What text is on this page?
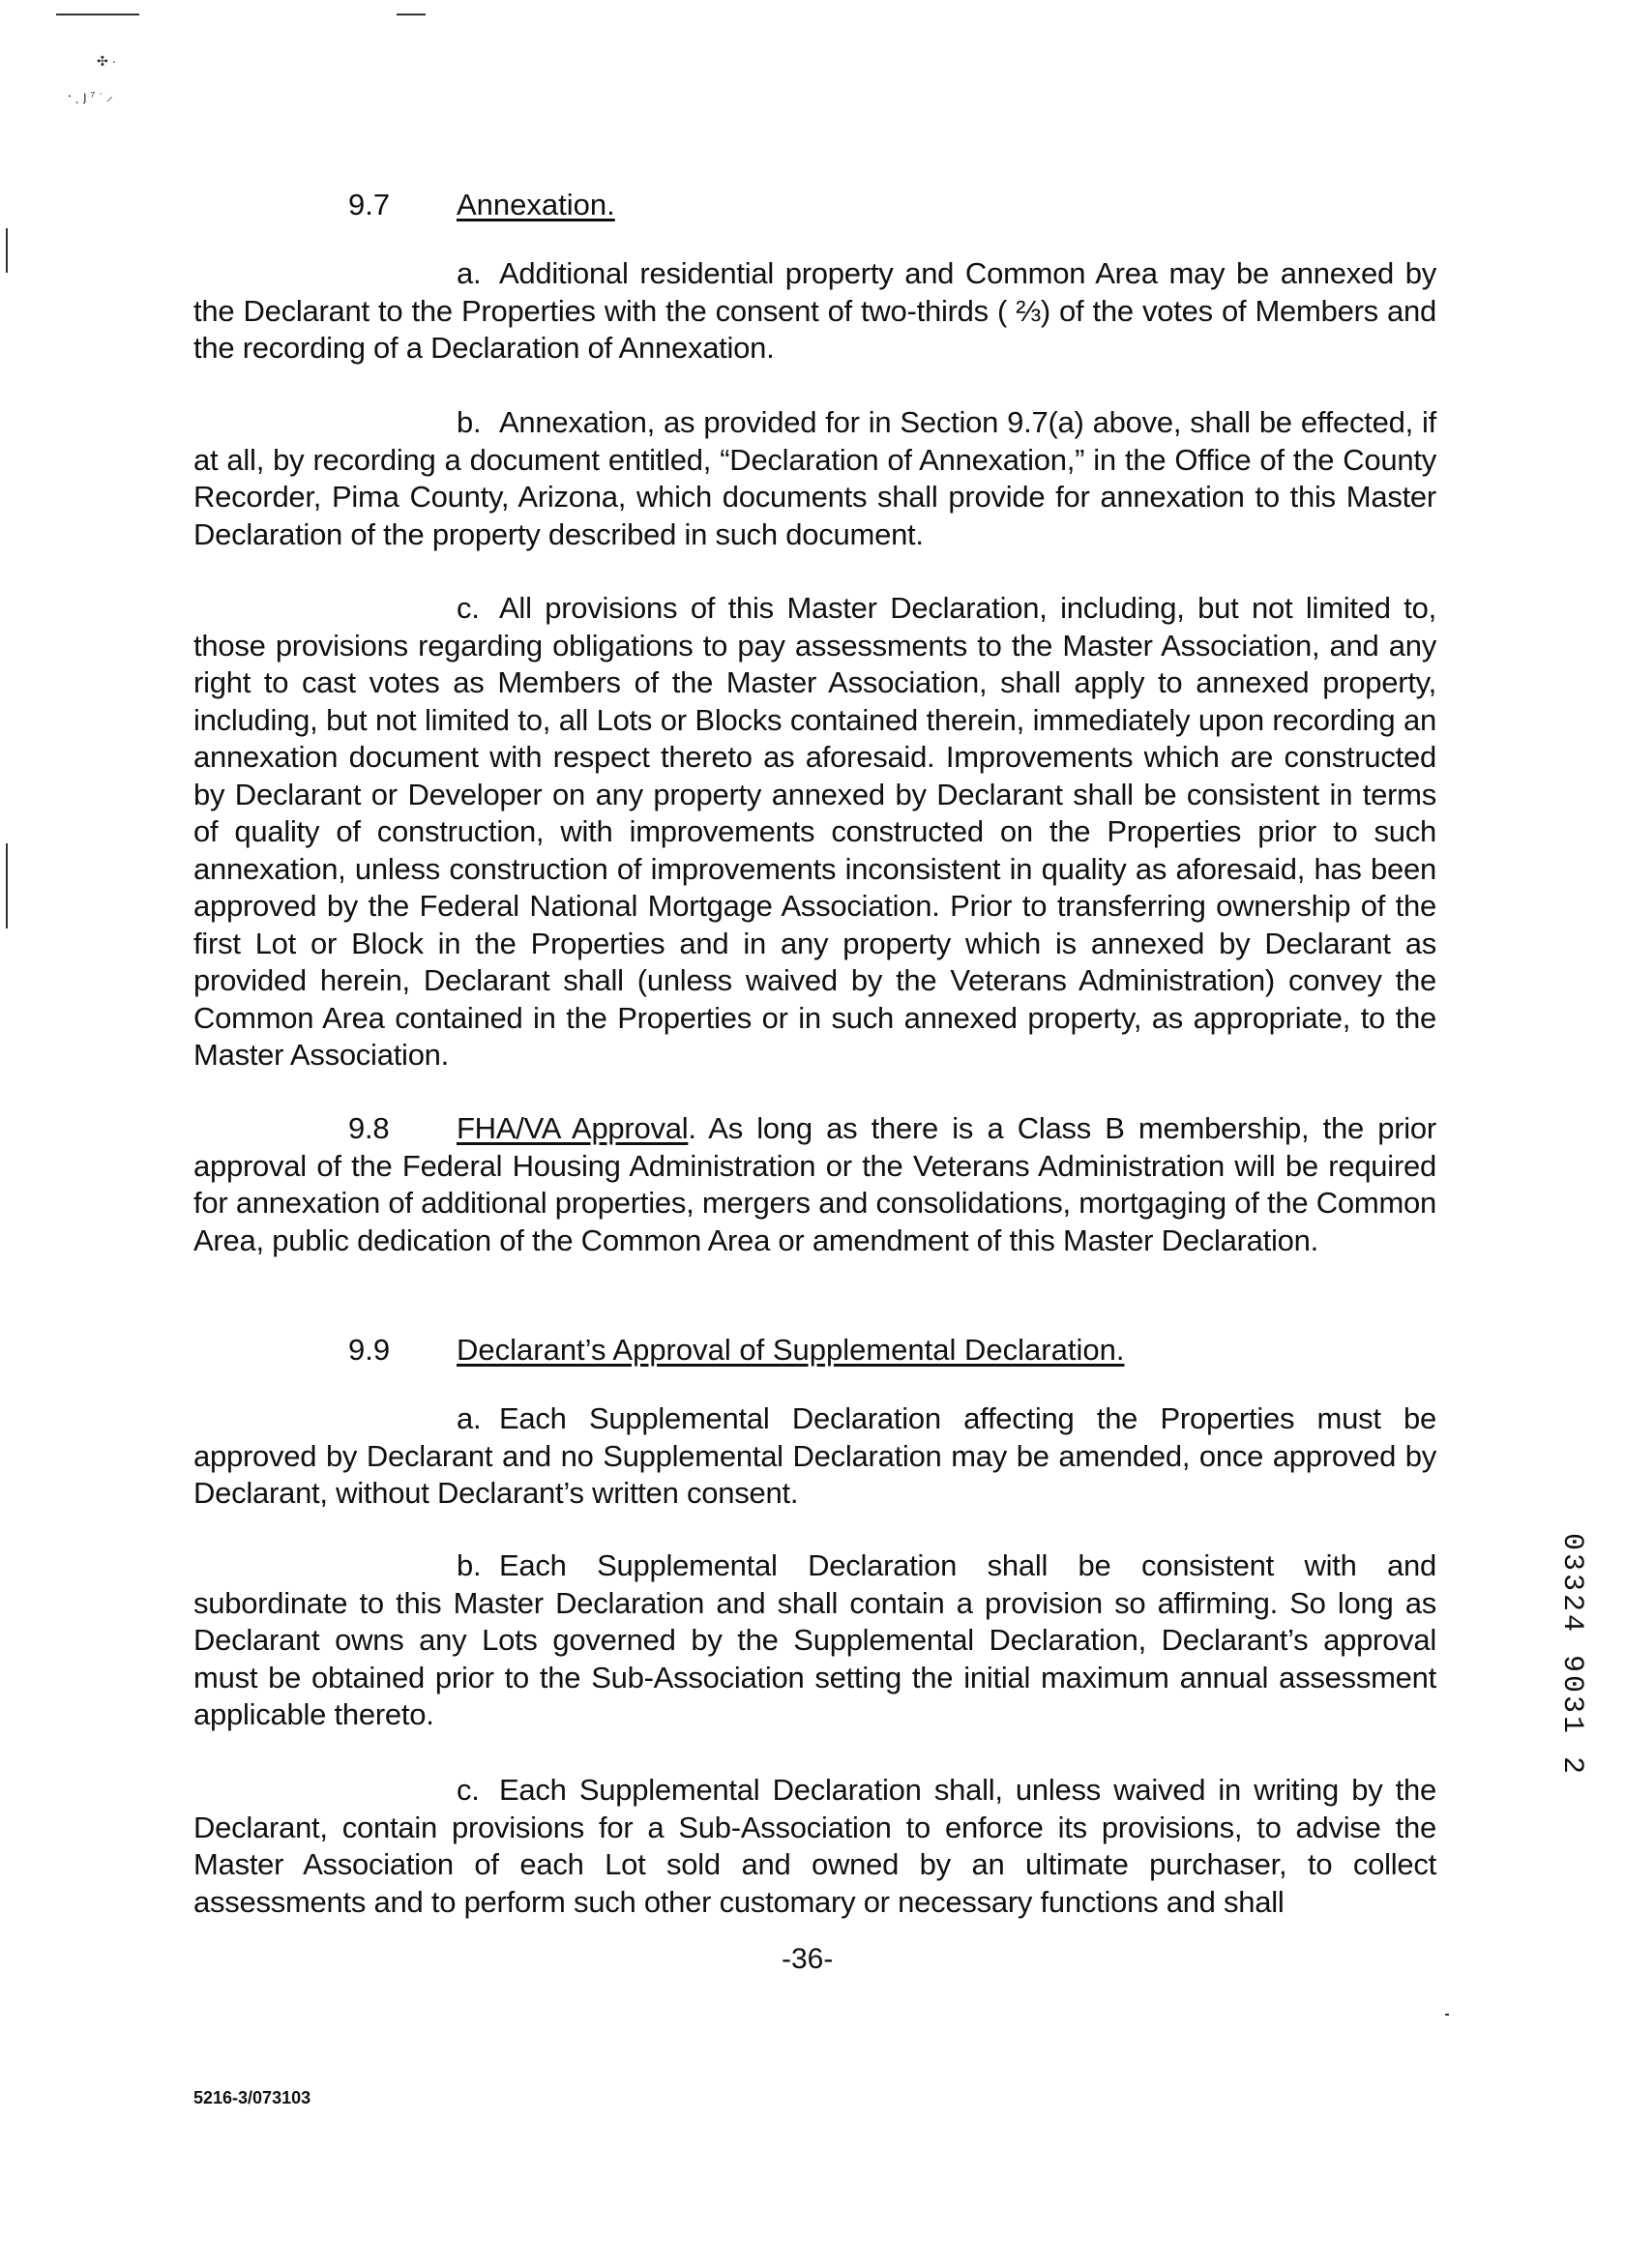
✣ ·
⸱ ˎ ȷ ⁷ ˑ ⸝
9.7 Annexation.

a. Additional residential property and Common Area may be annexed by the Declarant to the Properties with the consent of two-thirds ( ⅔) of the votes of Members and the recording of a Declaration of Annexation.

b. Annexation, as provided for in Section 9.7(a) above, shall be effected, if at all, by recording a document entitled, “Declaration of Annexation,” in the Office of the County Recorder, Pima County, Arizona, which documents shall provide for annexation to this Master Declaration of the property described in such document.

c. All provisions of this Master Declaration, including, but not limited to, those provisions regarding obligations to pay assessments to the Master Association, and any right to cast votes as Members of the Master Association, shall apply to annexed property, including, but not limited to, all Lots or Blocks contained therein, immediately upon recording an annexation document with respect thereto as aforesaid. Improvements which are constructed by Declarant or Developer on any property annexed by Declarant shall be consistent in terms of quality of construction, with improvements constructed on the Properties prior to such annexation, unless construction of improvements inconsistent in quality as aforesaid, has been approved by the Federal National Mortgage Association. Prior to transferring ownership of the first Lot or Block in the Properties and in any property which is annexed by Declarant as provided herein, Declarant shall (unless waived by the Veterans Administration) convey the Common Area contained in the Properties or in such annexed property, as appropriate, to the Master Association.

9.8 FHA/VA Approval. As long as there is a Class B membership, the prior approval of the Federal Housing Administration or the Veterans Administration will be required for annexation of additional properties, mergers and consolidations, mortgaging of the Common Area, public dedication of the Common Area or amendment of this Master Declaration.

9.9 Declarant’s Approval of Supplemental Declaration.

a. Each Supplemental Declaration affecting the Properties must be approved by Declarant and no Supplemental Declaration may be amended, once approved by Declarant, without Declarant’s written consent.

b. Each Supplemental Declaration shall be consistent with and subordinate to this Master Declaration and shall contain a provision so affirming. So long as Declarant owns any Lots governed by the Supplemental Declaration, Declarant’s approval must be obtained prior to the Sub-Association setting the initial maximum annual assessment applicable thereto.

c. Each Supplemental Declaration shall, unless waived in writing by the Declarant, contain provisions for a Sub-Association to enforce its provisions, to advise the Master Association of each Lot sold and owned by an ultimate purchaser, to collect assessments and to perform such other customary or necessary functions and shall

-36-
5216-3/073103
03324 9031 2
